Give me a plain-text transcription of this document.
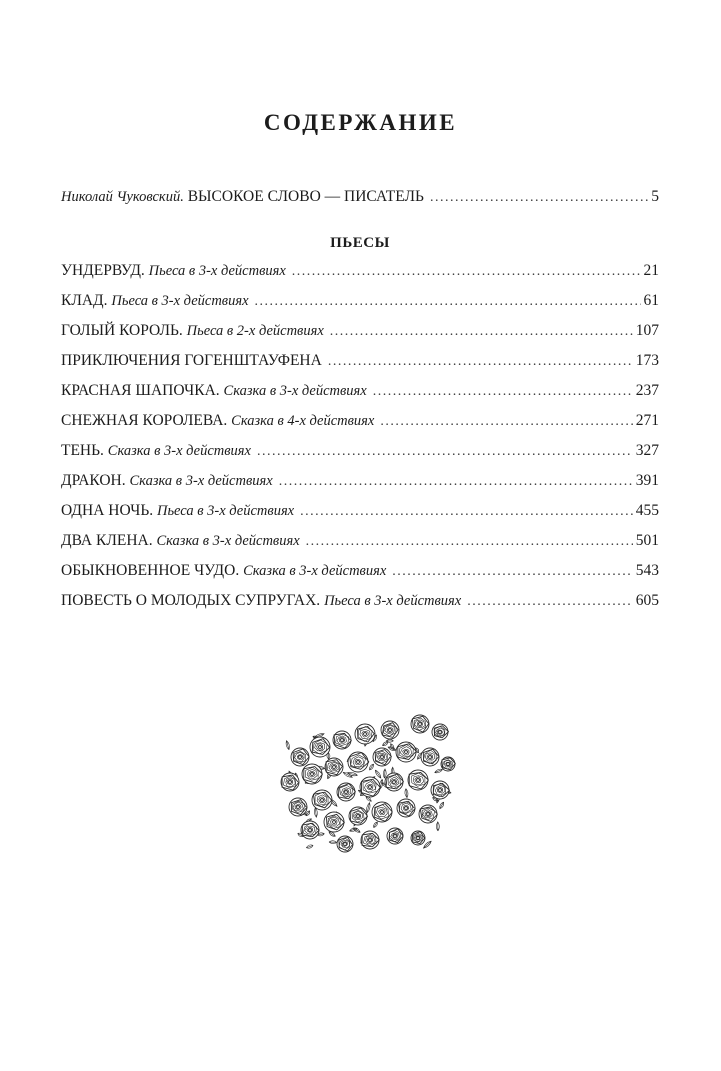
СОДЕРЖАНИЕ
Николай Чуковский. ВЫСОКОЕ СЛОВО — ПИСАТЕЛЬ . . .	5
ПЬЕСЫ
УНДЕРВУД. Пьеса в 3-х действиях . . .	21
КЛАД. Пьеса в 3-х действиях . . .	61
ГОЛЫЙ КОРОЛЬ. Пьеса в 2-х действиях . . .	107
ПРИКЛЮЧЕНИЯ ГОГЕНШТАУФЕНА . . .	173
КРАСНАЯ ШАПОЧКА. Сказка в 3-х действиях . . .	237
СНЕЖНАЯ КОРОЛЕВА. Сказка в 4-х действиях . . .	271
ТЕНЬ. Сказка в 3-х действиях . . .	327
ДРАКОН. Сказка в 3-х действиях . . .	391
ОДНА НОЧЬ. Пьеса в 3-х действиях . . .	455
ДВА КЛЕНА. Сказка в 3-х действиях . . .	501
ОБЫКНОВЕННОЕ ЧУДО. Сказка в 3-х действиях . . .	543
ПОВЕСТЬ О МОЛОДЫХ СУПРУГАХ. Пьеса в 3-х действиях . . .	605
